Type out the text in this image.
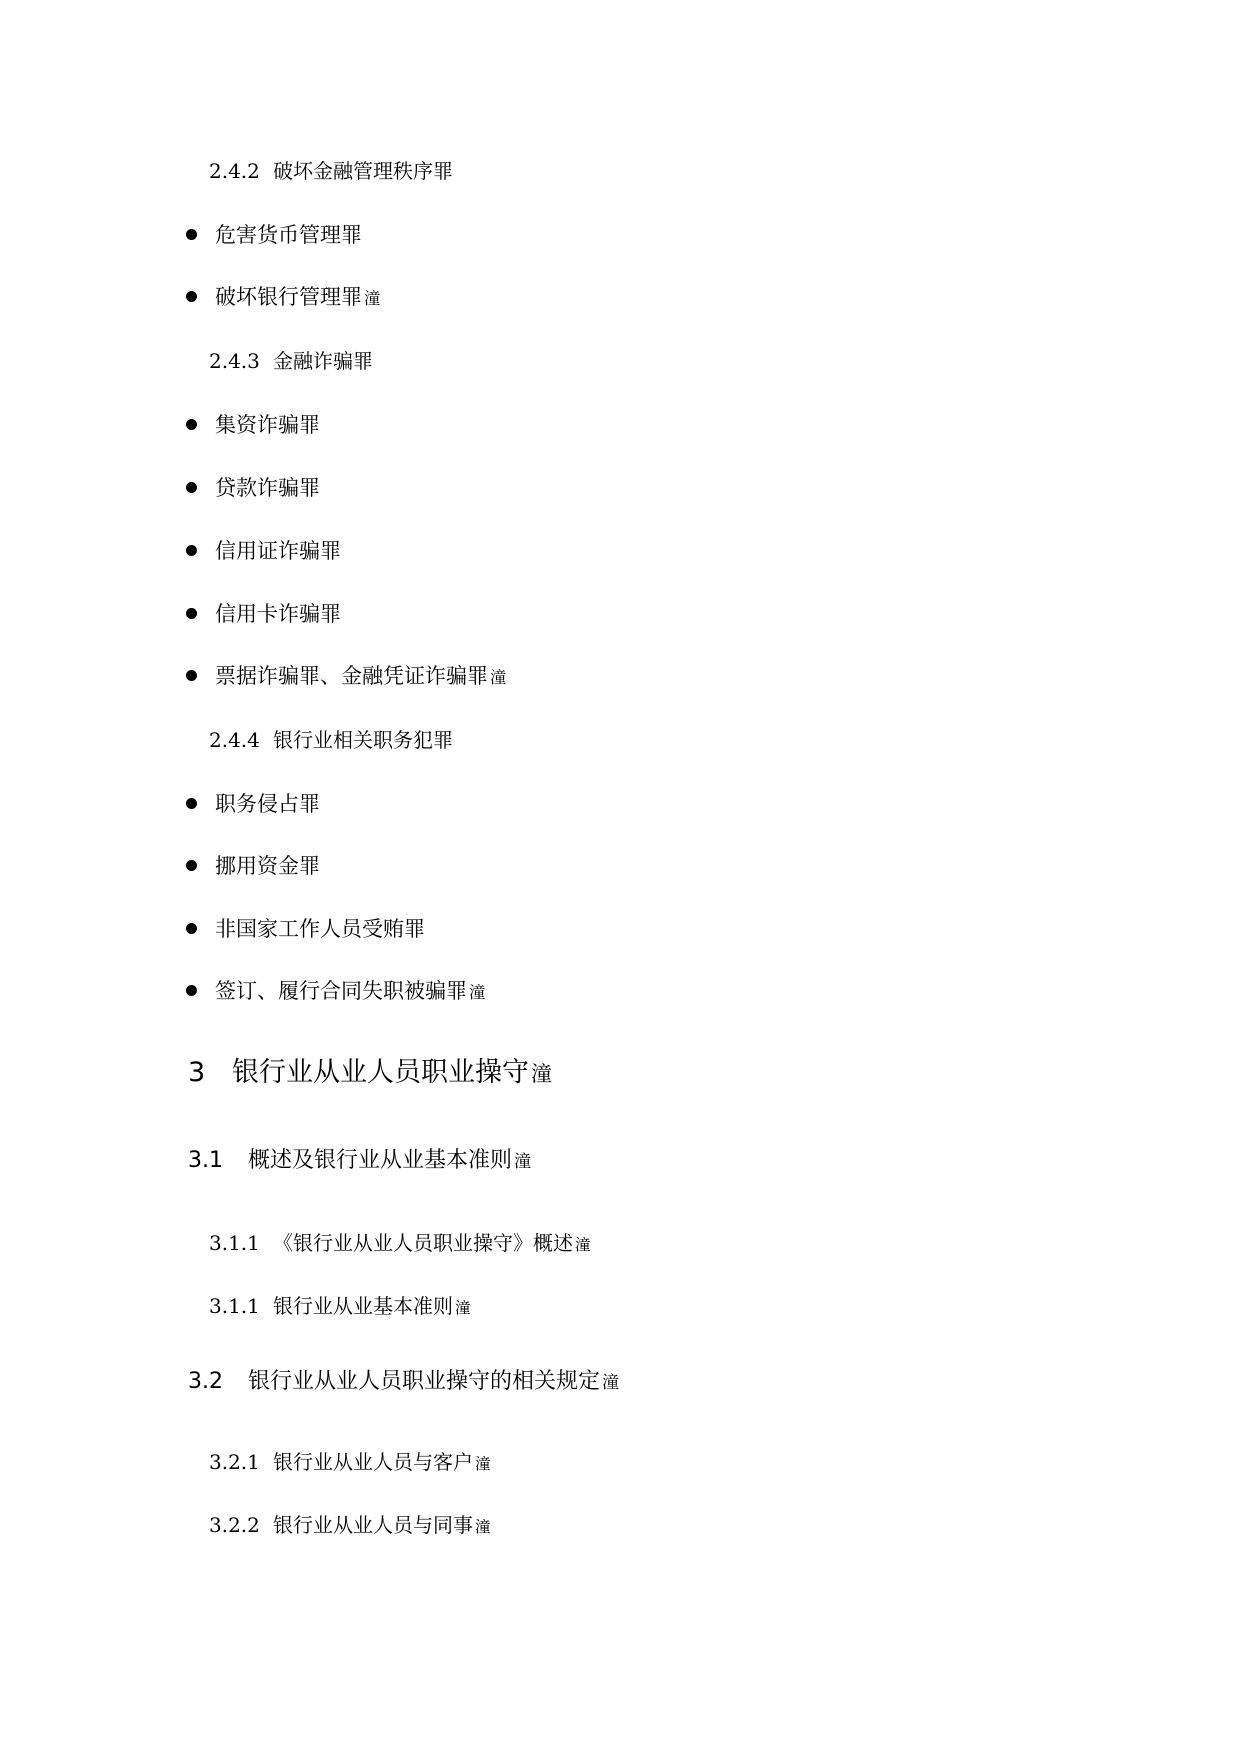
2.4.2 破坏金融管理秩序罪
危害货币管理罪
破坏银行管理罪 潼
2.4.3 金融诈骗罪
集资诈骗罪
贷款诈骗罪
信用证诈骗罪
信用卡诈骗罪
票据诈骗罪、金融凭证诈骗罪 潼
2.4.4 银行业相关职务犯罪
职务侵占罪
挪用资金罪
非国家工作人员受贿罪
签订、履行合同失职被骗罪 潼
3 银行业从业人员职业操守潼
3.1 概述及银行业从业基本准则 潼
3.1.1 《银行业从业人员职业操守》概述 潼
3.1.1 银行业从业基本准则 潼
3.2 银行业从业人员职业操守的相关规定 潼
3.2.1 银行业从业人员与客户 潼
3.2.2 银行业从业人员与同事 潼
